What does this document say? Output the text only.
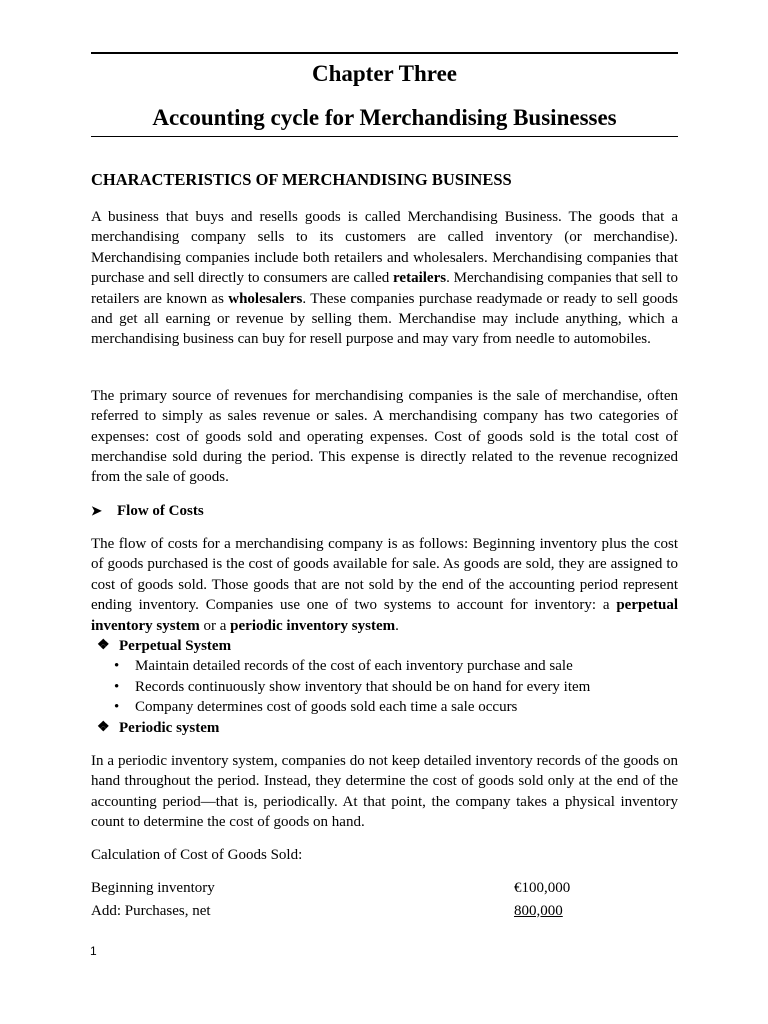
Chapter Three
Accounting cycle for Merchandising Businesses
CHARACTERISTICS OF MERCHANDISING BUSINESS

A business that buys and resells goods is called Merchandising Business. The goods that a merchandising company sells to its customers are called inventory (or merchandise). Merchandising companies include both retailers and wholesalers. Merchandising companies that purchase and sell directly to consumers are called retailers. Merchandising companies that sell to retailers are known as wholesalers. These companies purchase readymade or ready to sell goods and get all earning or revenue by selling them. Merchandise may include anything, which a merchandising business can buy for resell purpose and may vary from needle to automobiles.

The primary source of revenues for merchandising companies is the sale of merchandise, often referred to simply as sales revenue or sales. A merchandising company has two categories of expenses: cost of goods sold and operating expenses. Cost of goods sold is the total cost of merchandise sold during the period. This expense is directly related to the revenue recognized from the sale of goods.

➤	Flow of Costs

The flow of costs for a merchandising company is as follows: Beginning inventory plus the cost of goods purchased is the cost of goods available for sale. As goods are sold, they are assigned to cost of goods sold. Those goods that are not sold by the end of the accounting period represent ending inventory. Companies use one of two systems to account for inventory: a perpetual inventory system or a periodic inventory system.

❖ Perpetual System
•	Maintain detailed records of the cost of each inventory purchase and sale
•	Records continuously show inventory that should be on hand for every item
•	Company determines cost of goods sold each time a sale occurs
❖ Periodic system

In a periodic inventory system, companies do not keep detailed inventory records of the goods on hand throughout the period. Instead, they determine the cost of goods sold only at the end of the accounting period—that is, periodically. At that point, the company takes a physical inventory count to determine the cost of goods on hand.

Calculation of Cost of Goods Sold:
Beginning inventory	€100,000
Add: Purchases, net	800,000
1
